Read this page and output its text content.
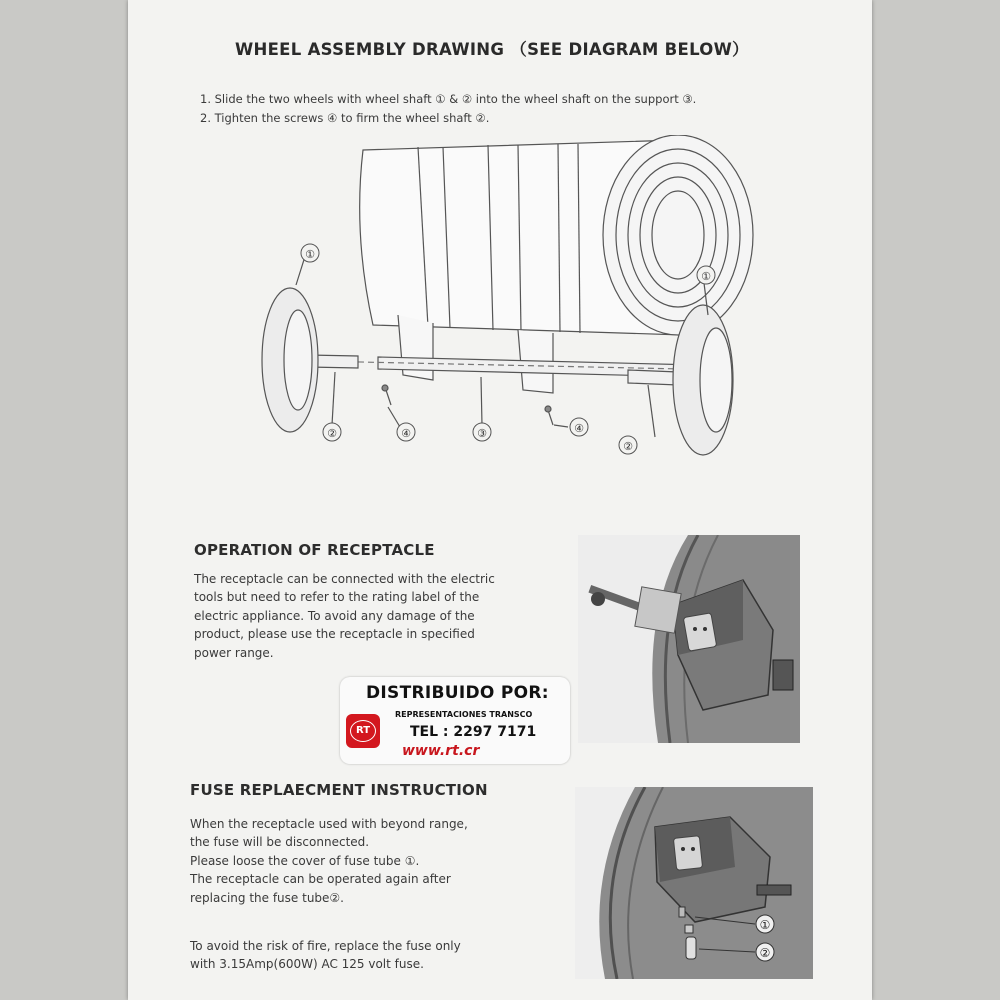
WHEEL ASSEMBLY DRAWING （SEE DIAGRAM BELOW）
1. Slide the two wheels with wheel shaft ① & ② into the wheel shaft on the support ③.
2. Tighten the screws ④ to firm the wheel shaft ②.
①
①
②	④	③	④
②
OPERATION OF RECEPTACLE
The receptacle can be connected with the electric
tools but need to refer to the rating label of the
electric appliance. To avoid any damage of the
product, please use the receptacle in specified
power range.
DISTRIBUIDO POR:
RT
REPRESENTACIONES TRANSCO
TEL : 2297 7171
www.rt.cr
FUSE REPLAECMENT INSTRUCTION
When the receptacle used with beyond range,
the fuse will be disconnected.
Please loose the cover of fuse tube ①.
The receptacle can be operated again after
replacing the fuse tube②.
To avoid the risk of fire, replace the fuse only
with 3.15Amp(600W) AC 125 volt fuse.
①
②
